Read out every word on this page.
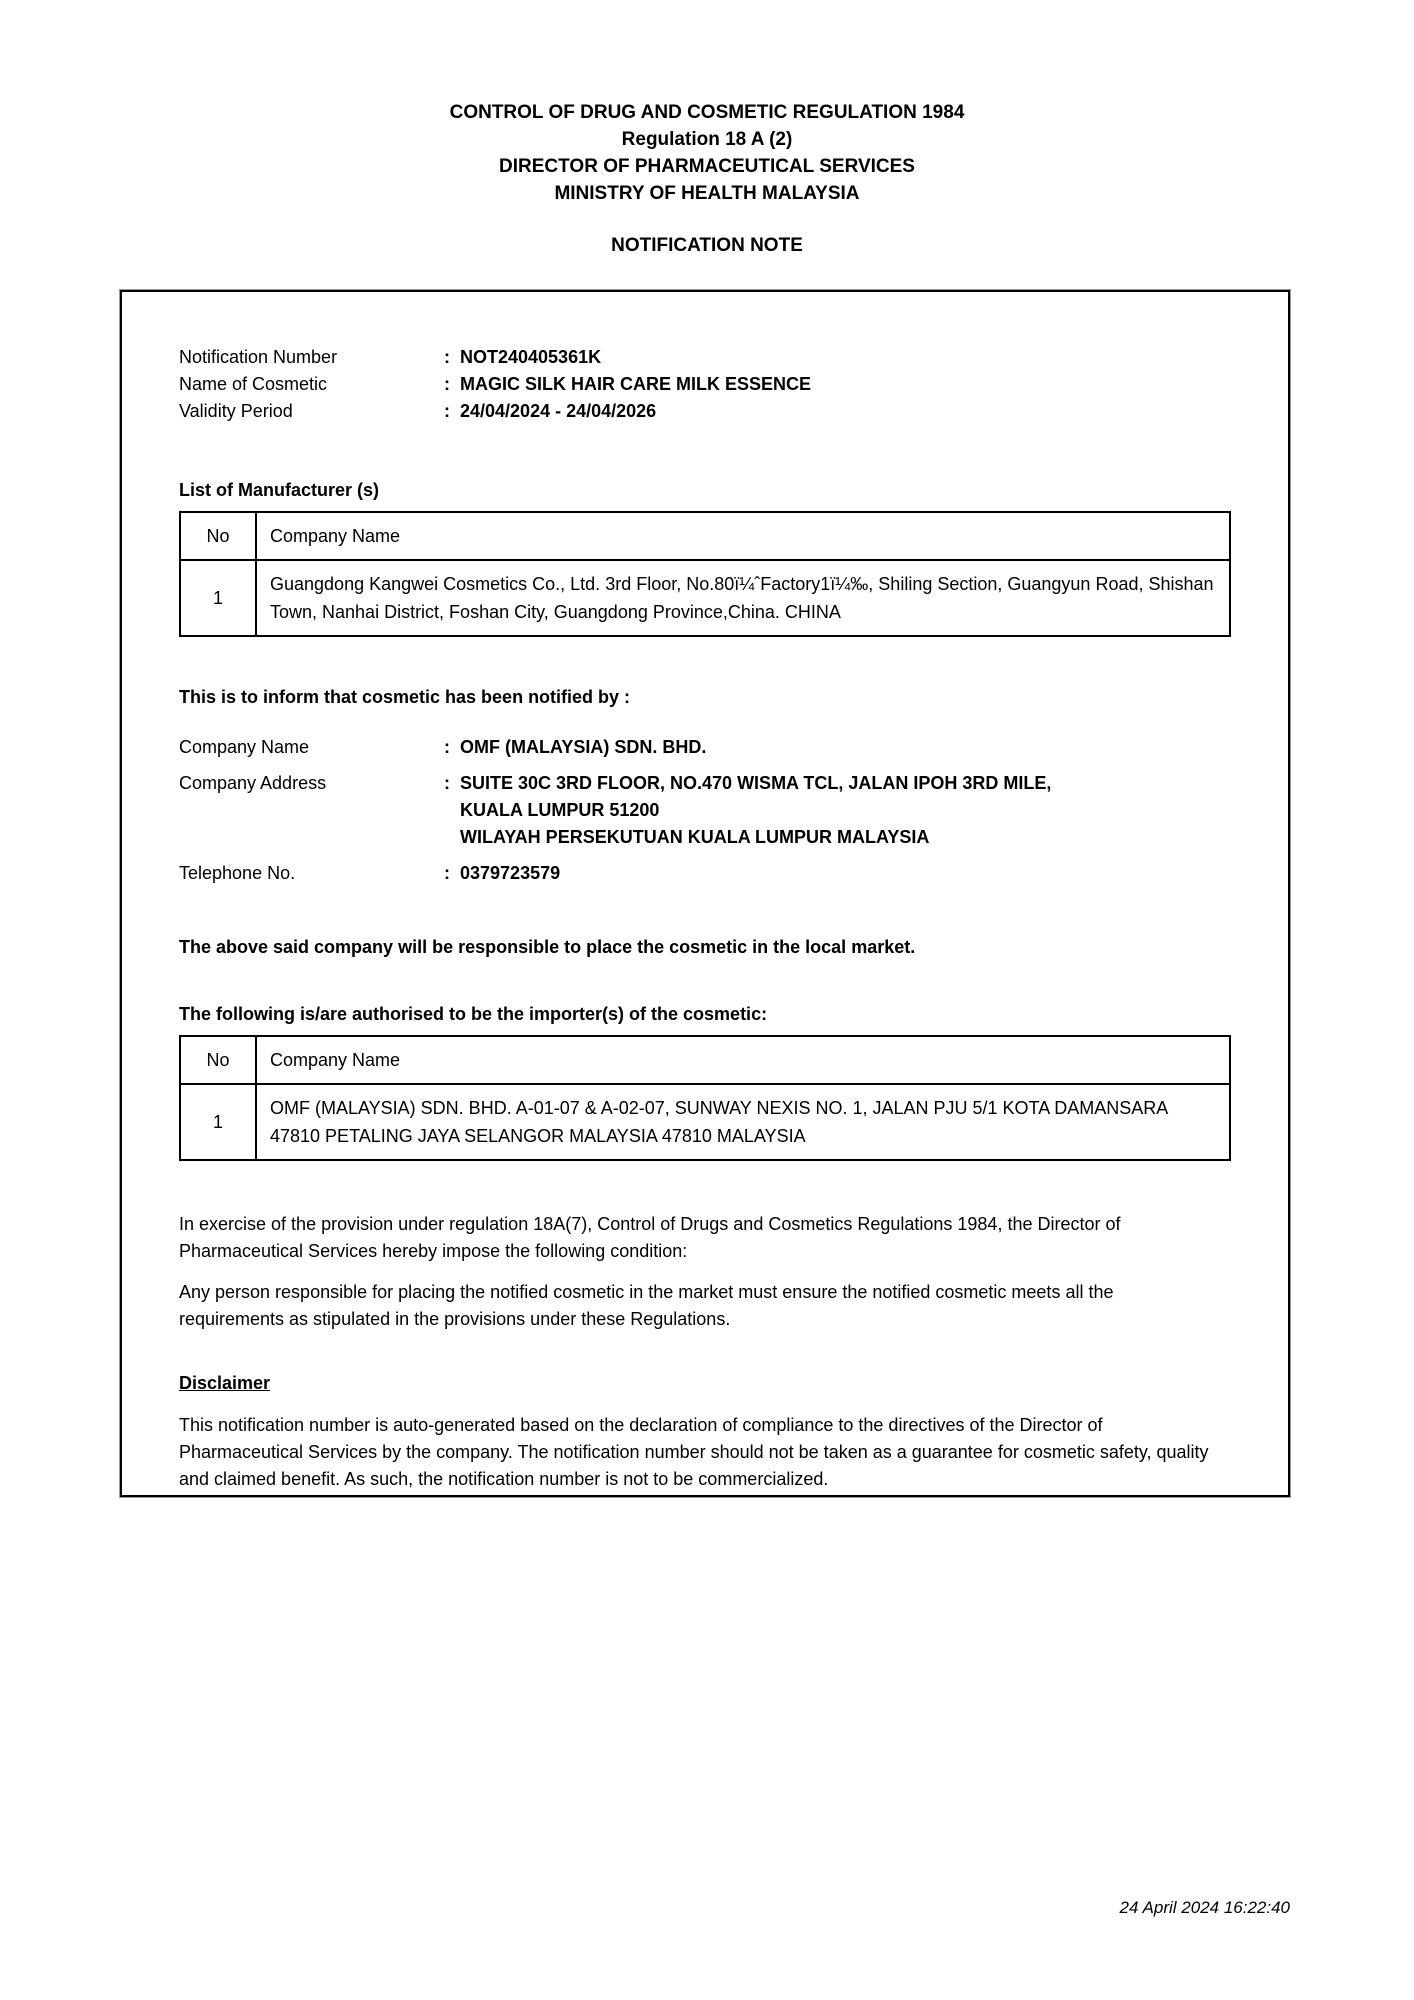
CONTROL OF DRUG AND COSMETIC REGULATION 1984
Regulation 18 A (2)
DIRECTOR OF PHARMACEUTICAL SERVICES
MINISTRY OF HEALTH MALAYSIA
NOTIFICATION NOTE
Notification Number	: NOT240405361K
Name of Cosmetic	: MAGIC SILK HAIR CARE MILK ESSENCE
Validity Period	: 24/04/2024 - 24/04/2026
List of Manufacturer (s)
No	Company Name
1	Guangdong Kangwei Cosmetics Co., Ltd. 3rd Floor, No.80ï¼ˆFactory1ï¼‰, Shiling Section, Guangyun Road, Shishan Town, Nanhai District, Foshan City, Guangdong Province,China. CHINA
This is to inform that cosmetic has been notified by :
Company Name	: OMF (MALAYSIA) SDN. BHD.
Company Address	: SUITE 30C 3RD FLOOR, NO.470 WISMA TCL, JALAN IPOH 3RD MILE,
KUALA LUMPUR 51200
WILAYAH PERSEKUTUAN KUALA LUMPUR MALAYSIA
Telephone No.	: 0379723579
The above said company will be responsible to place the cosmetic in the local market.
The following is/are authorised to be the importer(s) of the cosmetic:
No	Company Name
1	OMF (MALAYSIA) SDN. BHD. A-01-07 & A-02-07, SUNWAY NEXIS NO. 1, JALAN PJU 5/1 KOTA DAMANSARA 47810 PETALING JAYA SELANGOR MALAYSIA 47810 MALAYSIA
In exercise of the provision under regulation 18A(7), Control of Drugs and Cosmetics Regulations 1984, the Director of Pharmaceutical Services hereby impose the following condition:
Any person responsible for placing the notified cosmetic in the market must ensure the notified cosmetic meets all the requirements as stipulated in the provisions under these Regulations.
Disclaimer
This notification number is auto-generated based on the declaration of compliance to the directives of the Director of Pharmaceutical Services by the company. The notification number should not be taken as a guarantee for cosmetic safety, quality and claimed benefit. As such, the notification number is not to be commercialized.
24 April 2024 16:22:40
